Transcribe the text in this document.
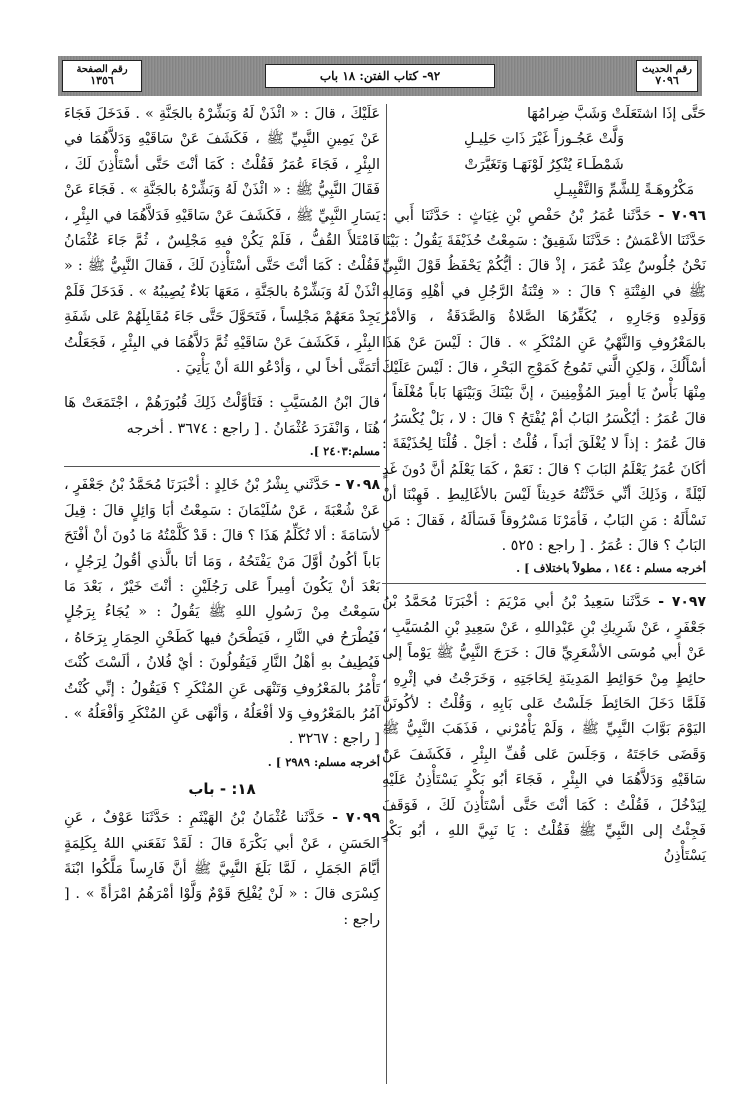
رقم الحديث
٧٠٩٦
٩٢- كتاب الفتن: ١٨ باب
رقم الصفحة
١٣٥٦

حَتَّى إذَا اشتَعَلَتْ وَشَبَّ ضِرامُهَا

وَلَّتْ عَجُـوزاً غَيْرَ ذَاتِ حَلِيـلِ

شَمْطَـاءَ يُنْكِرُ لَوْنَهَـا وَتَغَيَّرَتْ

مَكْرُوهَـةً لِلشَّمِّ وَالتَّقْبِيـلِ

٧٠٩٦ - حَدَّثَنا عُمَرُ بْنُ حَفْصِ بْنِ غِيَاثٍ : حَدَّثَنَا أَبي : حَدَّثَنَا الأعْمَشُ : حَدَّثَنَا شَقِيقٌ : سَمِعْتُ حُذَيْفَةَ يَقُولُ : بَيْنَا نَحْنُ جُلُوسٌ عِنْدَ عُمَرَ ، إذْ قالَ : أيُّكُمْ يَحْفَظُ قَوْلَ النَّبِيِّ ﷺ في الفِتْنَةِ ؟ قالَ : « فِتْنَةُ الرَّجُلِ في أهْلِهِ وَمَالِهِ وَوَلَدِهِ وَجَارِهِ ، يُكَفِّرُهَا الصَّلاةُ وَالصَّدَقَةُ ، وَالأمْرُ بالمَعْرُوفِ وَالنَّهْيُ عَنِ المُنْكَرِ » . قالَ : لَيْسَ عَنْ هَذَا أسْأَلُكَ ، وَلكِنِ الَّتي تَمُوجُ كَمَوْجِ البَحْرِ ، قالَ : لَيْسَ عَلَيْكَ مِنْهَا بَأْسٌ يَا أمِيرَ المُؤْمِنِينَ ، إنَّ بَيْنَكَ وَبَيْنَهَا بَاباً مُغْلَقاً ، قالَ عُمَرُ : أيُكْسَرُ البَابُ أمْ يُفْتَحُ ؟ قالَ : لا ، بَلْ يُكْسَرُ ، قالَ عُمَرُ : إذاً لا يُغْلَقَ أبَداً ، قُلْتُ : أجَلْ . قُلْنَا لِحُذَيْفَةَ : أكَانَ عُمَرُ يَعْلَمُ البَابَ ؟ قالَ : نَعَمْ ، كَمَا يَعْلَمُ أنَّ دُونَ غَدٍ لَيْلَةً ، وَذَلِكَ أنِّي حَدَّثْتُهُ حَدِيثاً لَيْسَ بالأغَالِيطِ . فَهِبْنَا أنْ نَسْأَلَهُ : مَنِ البَابُ ، فَأمَرْنَا مَسْرُوقاً فَسَألَهُ ، فَقالَ : مَنِ البَابُ ؟ قالَ : عُمَرُ . [ راجع : ٥٢٥ .

أخرجه مسلم : ١٤٤ ، مطولاً باختلاف ] .

٧٠٩٧ - حَدَّثَنا سَعِيدُ بْنُ أبي مَرْيَمَ : أخْبَرَنَا مُحَمَّدُ بْنُ جَعْفَرٍ ، عَنْ شَرِيكِ بْنِ عَبْدِاللهِ ، عَنْ سَعِيدِ بْنِ المُسَيَّبِ ، عَنْ أبي مُوسَى الأشْعَرِيِّ قالَ : خَرَجَ النَّبِيُّ ﷺ يَوْماً إلى حائِطٍ مِنْ حَوَائِطِ المَدِينَةِ لِحَاجَتِهِ ، وَخَرَجْتُ في إثْرِهِ ، فَلَمَّا دَخَلَ الحَائِطَ جَلَسْتُ عَلى بَابِهِ ، وَقُلْتُ : لأكُونَنَّ اليَوْمَ بَوَّابَ النَّبِيِّ ﷺ ، وَلَمْ يَأْمُرْني ، فَذَهَبَ النَّبِيُّ ﷺ وَقَضَى حَاجَتَهُ ، وَجَلَسَ عَلى قُفِّ البِئْرِ ، فَكَشَفَ عَنْ سَاقَيْهِ وَدَلاَّهُمَا في البِئْرِ ، فَجَاءَ أبُو بَكْرٍ يَسْتَأْذِنُ عَلَيْهِ لِيَدْخُلَ ، فَقُلْتُ : كَمَا أنْتَ حَتَّى أسْتَأْذِنَ لَكَ ، فَوَقَفَ فَجِئْتُ إلى النَّبِيِّ ﷺ فَقُلْتُ : يَا نَبِيَّ اللهِ ، أبُو بَكْرٍ يَسْتَأْذِنُ

عَلَيْكَ ، قالَ : « ائْذَنْ لَهُ وَبَشِّرْهُ بالجَنَّةِ » . فَدَخَلَ فَجَاءَ عَنْ يَمِينِ النَّبِيِّ ﷺ ، فَكَشَفَ عَنْ سَاقَيْهِ وَدَلاَّهُمَا في البِئْرِ ، فَجَاءَ عُمَرُ فَقُلْتُ : كَمَا أنْتَ حَتَّى أسْتَأْذِنَ لَكَ ، فَقَالَ النَّبِيُّ ﷺ : « ائْذَنْ لَهُ وَبَشِّرْهُ بالجَنَّةِ » . فَجَاءَ عَنْ يَسَارِ النَّبِيِّ ﷺ ، فَكَشَفَ عَنْ سَاقَيْهِ فَدَلاَّهُمَا في البِئْرِ ، فَامْتَلأَ القُفُّ ، فَلَمْ يَكُنْ فيهِ مَجْلِسٌ ، ثُمَّ جَاءَ عُثْمَانُ فَقُلْتُ : كَمَا أنْتَ حَتَّى أسْتَأْذِنَ لَكَ ، فَقالَ النَّبِيُّ ﷺ : « ائْذَنْ لَهُ وَبَشِّرْهُ بالجَنَّةِ ، مَعَهَا بَلاءٌ يُصِيبُهُ » . فَدَخَلَ فَلَمْ يَجِدْ مَعَهُمْ مَجْلِساً ، فَتَحَوَّلَ حَتَّى جَاءَ مُقَابِلَهُمْ عَلى شَفَةِ البِئْرِ ، فَكَشَفَ عَنْ سَاقَيْهِ ثُمَّ دَلاَّهُمَا في البِئْرِ ، فَجَعَلْتُ أتَمَنَّى أخاً لي ، وَأدْعُو اللهَ أنْ يَأْتِيَ .

قالَ ابْنُ المُسَيَّبِ : فَتَأوَّلْتُ ذَلِكَ قُبُورَهُمْ ، اجْتَمَعَتْ هَا هُنَا ، وَانْفَرَدَ عُثْمَانُ . [ راجع : ٣٦٧٤ . أخرجه

مسلم:٢٤٠٣ ].

٧٠٩٨ - حَدَّثَني بِشْرُ بْنُ خَالِدٍ : أخْبَرَنَا مُحَمَّدُ بْنُ جَعْفَرٍ ، عَنْ شُعْبَةَ ، عَنْ سُلَيْمَانَ : سَمِعْتُ أبَا وَائِلٍ قالَ : قِيلَ لأسَامَةَ : ألا تُكَلِّمُ هَذَا ؟ قالَ : قَدْ كَلَّمْتُهُ مَا دُونَ أنْ أفْتَحَ بَاباً أكُونُ أوَّلَ مَنْ يَفْتَحُهُ ، وَمَا أنَا بالَّذي أقُولُ لِرَجُلٍ ، بَعْدَ أنْ يَكُونَ أمِيراً عَلى رَجُلَيْنِ : أنْتَ خَيْرٌ ، بَعْدَ مَا سَمِعْتُ مِنْ رَسُولِ اللهِ ﷺ يَقُولُ : « يُجَاءُ بِرَجُلٍ فَيُطْرَحُ في النَّارِ ، فَيَطْحَنُ فيها كَطَحْنِ الحِمَارِ بِرَحَاهُ ، فَيُطِيفُ بهِ أهْلُ النَّارِ فَيَقُولُونَ : أيْ فُلانُ ، ألَسْتَ كُنْتَ تَأْمُرُ بالمَعْرُوفِ وَتَنْهَى عَنِ المُنْكَرِ ؟ فَيَقُولُ : إنِّي كُنْتُ آمُرُ بالمَعْرُوفِ وَلا أفْعَلُهُ ، وَأنْهَى عَنِ المُنْكَرِ وَأفْعَلُهُ » . [ راجع : ٣٢٦٧ .

أخرجه مسلم: ٢٩٨٩ ] .

١٨: - باب

٧٠٩٩ - حَدَّثَنا عُثْمَانُ بْنُ الهَيْثَمِ : حَدَّثَنَا عَوْفٌ ، عَنِ الحَسَنِ ، عَنْ أبي بَكْرَةَ قالَ : لَقَدْ نَفَعَني اللهُ بِكَلِمَةٍ أيَّامَ الجَمَلِ ، لَمَّا بَلَغَ النَّبِيَّ ﷺ أنَّ فَارِساً مَلَّكُوا ابْنَةَ كِسْرَى قالَ : « لَنْ يُفْلِحَ قَوْمٌ وَلَّوْا أمْرَهُمُ امْرَأةً » . [ راجع :
